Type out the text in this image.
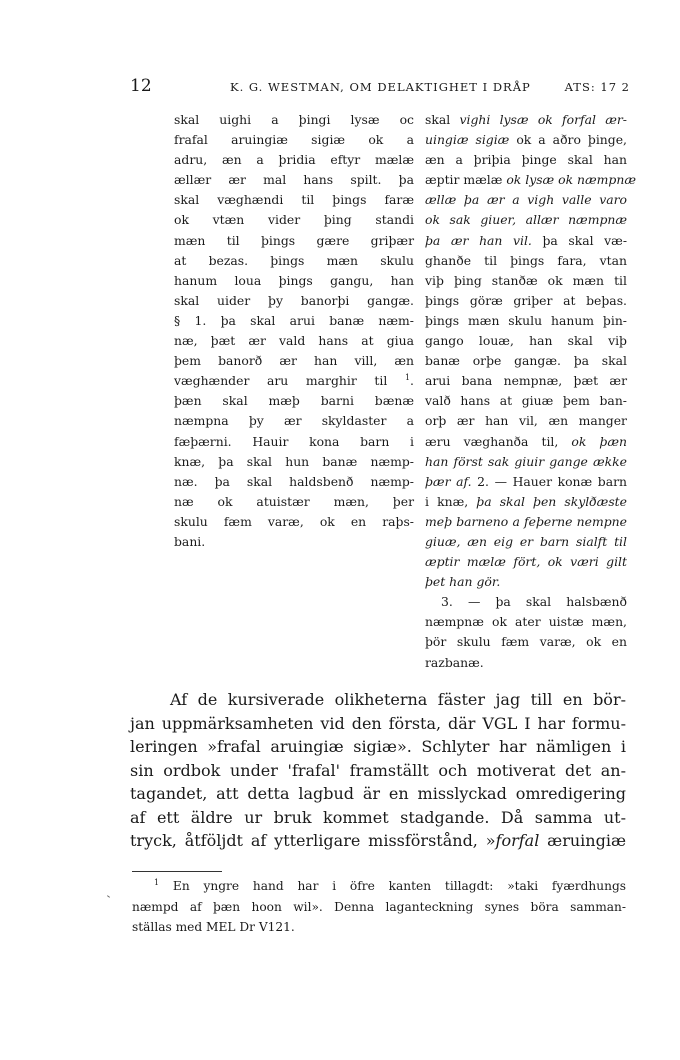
12	K. G. WESTMAN, OM DELAKTIGHET I DRÅP	ATS: 17 2
skal uighi a þingi lysæ oc
frafal aruingiæ sigiæ ok a
adru, æn a þridia eftyr mælæ
ællær ær mal hans spilt. þa
skal væghændi til þings faræ
ok vtæn vider þing standi
mæn til þings gære griþær
at bezas. þings mæn skulu
hanum loua þings gangu, han
skal uider þy banorþi gangæ.
§ 1. þa skal arui banæ næm-
næ, þæt ær vald hans at giua
þem banorð ær han vill, æn
væghænder aru marghir til $^1$.
þæn skal mæþ barni bænæ
næmpna þy ær skyldaster a
fæþærni. Hauir kona barn i
knæ, þa skal hun banæ næmp-
næ. þa skal haldsbenð næmp-
næ ok atuistær mæn, þer
skulu fæm varæ, ok en raþs-
bani.
skal vighi lysæ ok forfal ær-
uingiæ sigiæ ok a aðro þinge,
æn a þriþia þinge skal han
æptir mælæ ok lysæ ok næmpnæ
ællæ þa ær a vigh valle varo
ok sak giuer, allær næmpnæ
þa ær han vil. þa skal væ-
ghanðe til þings fara, vtan
viþ þing stanðæ ok mæn til
þings göræ griþer at beþas.
þings mæn skulu hanum þin-
gango louæ, han skal viþ
banæ orþe gangæ. þa skal
arui bana nempnæ, þæt ær
valð hans at giuæ þem ban-
orþ ær han vil, æn manger
æru væghanða til, ok þæn
han först sak giuir gange ække
þær af. 2. — Hauer konæ barn
i knæ, þa skal þen skylðæste
meþ barneno a feþerne nempne
giuæ, æn eig er barn sialft til
æptir mælæ fört, ok væri gilt
þet han gör.
3. — þa skal halsbænð
næmpnæ ok ater uistæ mæn,
þör skulu fæm varæ, ok en
razbanæ.
Af de kursiverade olikheterna fäster jag till en bör-
jan uppmärksamheten vid den första, där VGL I har formu-
leringen »frafal aruingiæ sigiæ». Schlyter har nämligen i
sin ordbok under 'frafal' framställt och motiverat det an-
tagandet, att detta lagbud är en misslyckad omredigering
af ett äldre ur bruk kommet stadgande. Då samma ut-
tryck, åtföljdt af ytterligare missförstånd, »forfal æruingiæ
$^1$ En yngre hand har i öfre kanten tillagdt: »taki fyærdhungs
næmpd af þæn hoon wil». Denna laganteckning synes böra samman-
ställas med MEL Dr V121.
